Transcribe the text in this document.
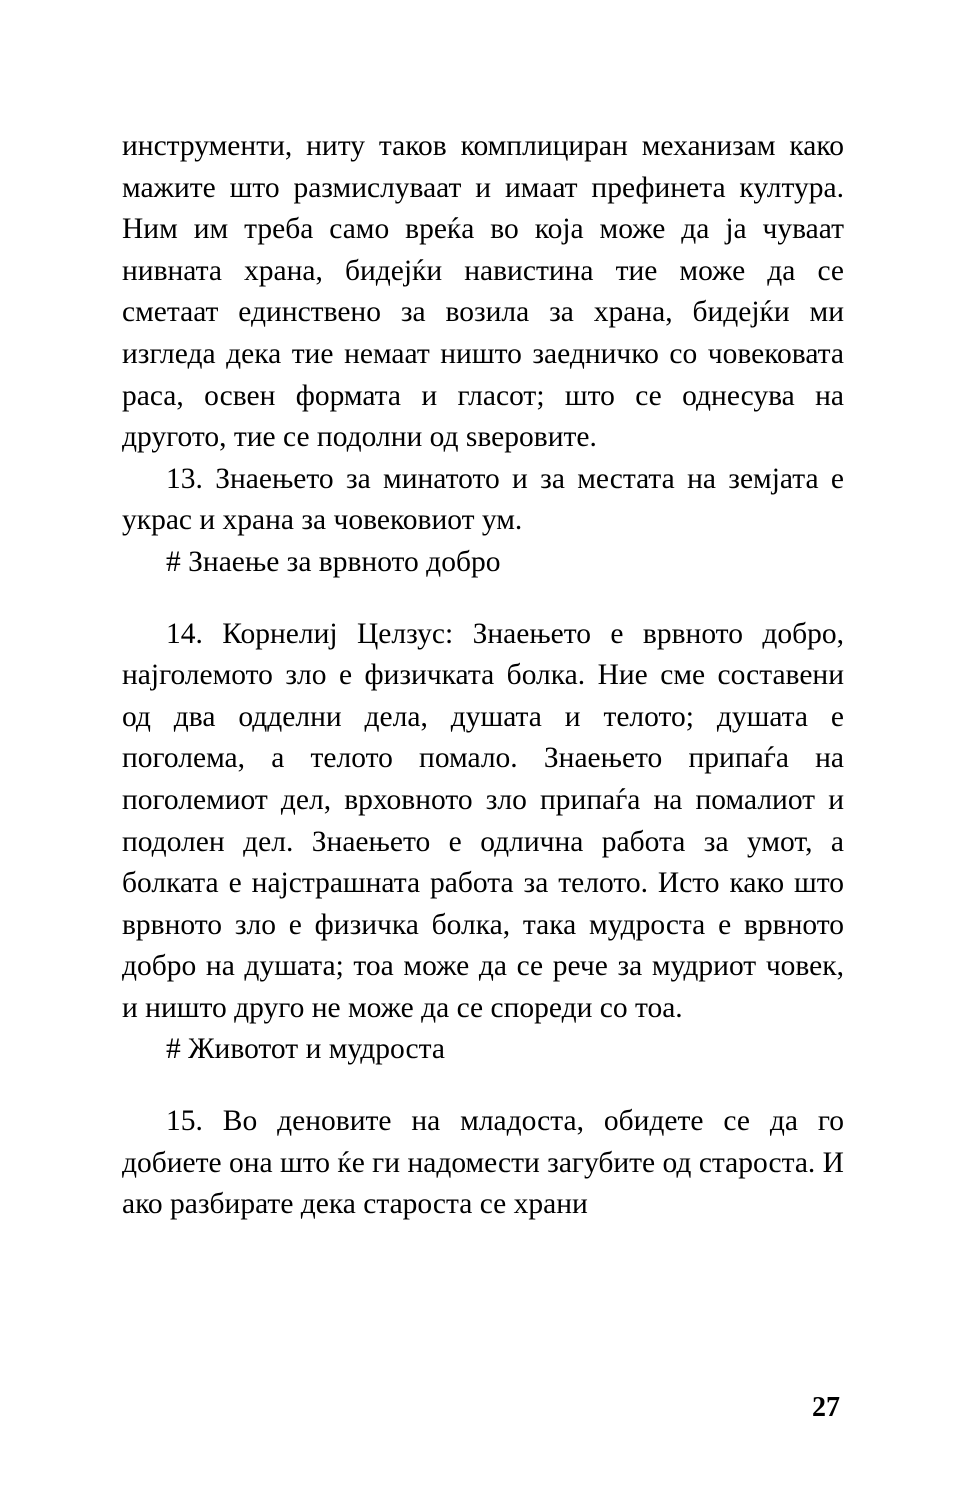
инструменти, ниту таков комплициран механизам како мажите што размислуваат и имаат префинета култура. Ним им треба само вреќа во која може да ја чуваат нивната храна, бидејќи навистина тие може да се сметаат единствено за возила за храна, бидејќи ми изгледа дека тие немаат ништо заедничко со човековата раса, освен формата и гласот; што се однесува на другото, тие се подолни од ѕверовите.

13. Знаењето за минатото и за местата на земјата е украс и храна за човековиот ум.

# Знаење за врвното добро

14. Корнелиј Целзус: Знаењето е врвното добро, најголемото зло е физичката болка. Ние сме составени од два одделни дела, душата и телото; душата е поголема, а телото помало. Знаењето припаѓа на поголемиот дел, врховното зло припаѓа на помалиот и подолен дел. Знаењето е одлична работа за умот, а болката е најстрашната работа за телото. Исто како што врвното зло е физичка болка, така мудроста е врвното добро на душата; тоа може да се рече за мудриот човек, и ништо друго не може да се спореди со тоа.

# Животот и мудроста

15. Во деновите на младоста, обидете се да го добиете она што ќе ги надомести загубите од староста. И ако разбирате дека староста се храни

27
